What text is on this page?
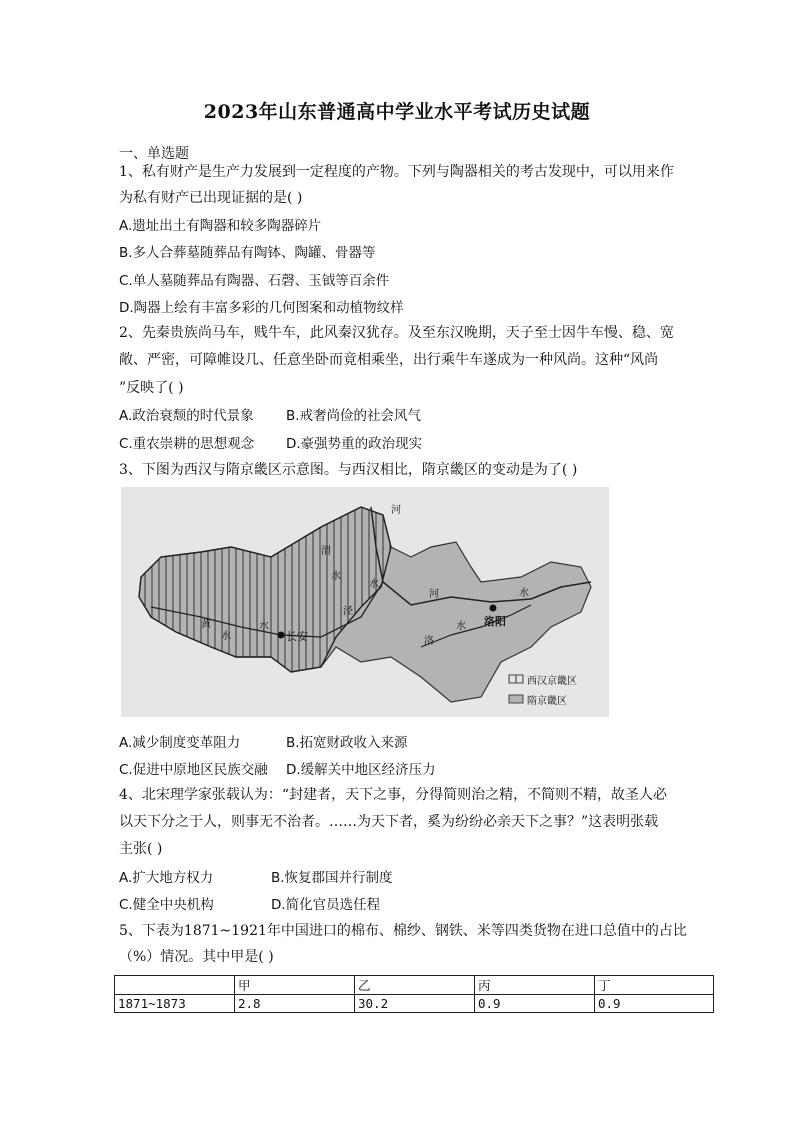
2023年山东普通高中学业水平考试历史试题
一、单选题
1、私有财产是生产力发展到一定程度的产物。下列与陶器相关的考古发现中，可以用来作
为私有财产已出现证据的是( )
A.遗址出土有陶器和较多陶器碎片
B.多人合葬墓随葬品有陶钵、陶罐、骨器等
C.单人墓随葬品有陶器、石磬、玉钺等百余件
D.陶器上绘有丰富多彩的几何图案和动植物纹样
2、先秦贵族尚马车，贱牛车，此风秦汉犹存。及至东汉晚期，天子至士因牛车慢、稳、宽
敞、严密，可障帷设几、任意坐卧而竟相乘坐，出行乘牛车遂成为一种风尚。这种“风尚
”反映了( )
A.政治衰颓的时代景象 B.戒奢尚俭的社会风气
C.重农崇耕的思想观念 D.豪强势重的政治现实
3、下图为西汉与隋京畿区示意图。与西汉相比，隋京畿区的变动是为了( )
长安
洛阳
河
水
渭
水
泾
洛
水
黄
水
河	水
水
西汉京畿区
隋京畿区
A.减少制度变革阻力	B.拓宽财政收入来源
C.促进中原地区民族交融 D.缓解关中地区经济压力
4、北宋理学家张载认为：“封建者，天下之事，分得简则治之精，不简则不精，故圣人必
以天下分之于人，则事无不治者。……为天下者，奚为纷纷必亲天下之事？”这表明张载
主张( )
A.扩大地方权力	B.恢复郡国并行制度
C.健全中央机构	D.简化官员选任程
5、下表为1871~1921年中国进口的棉布、棉纱、钢铁、米等四类货物在进口总值中的占比
（%）情况。其中甲是( )
	甲	乙	丙	丁
1871~1873	2.8	30.2	0.9	0.9
